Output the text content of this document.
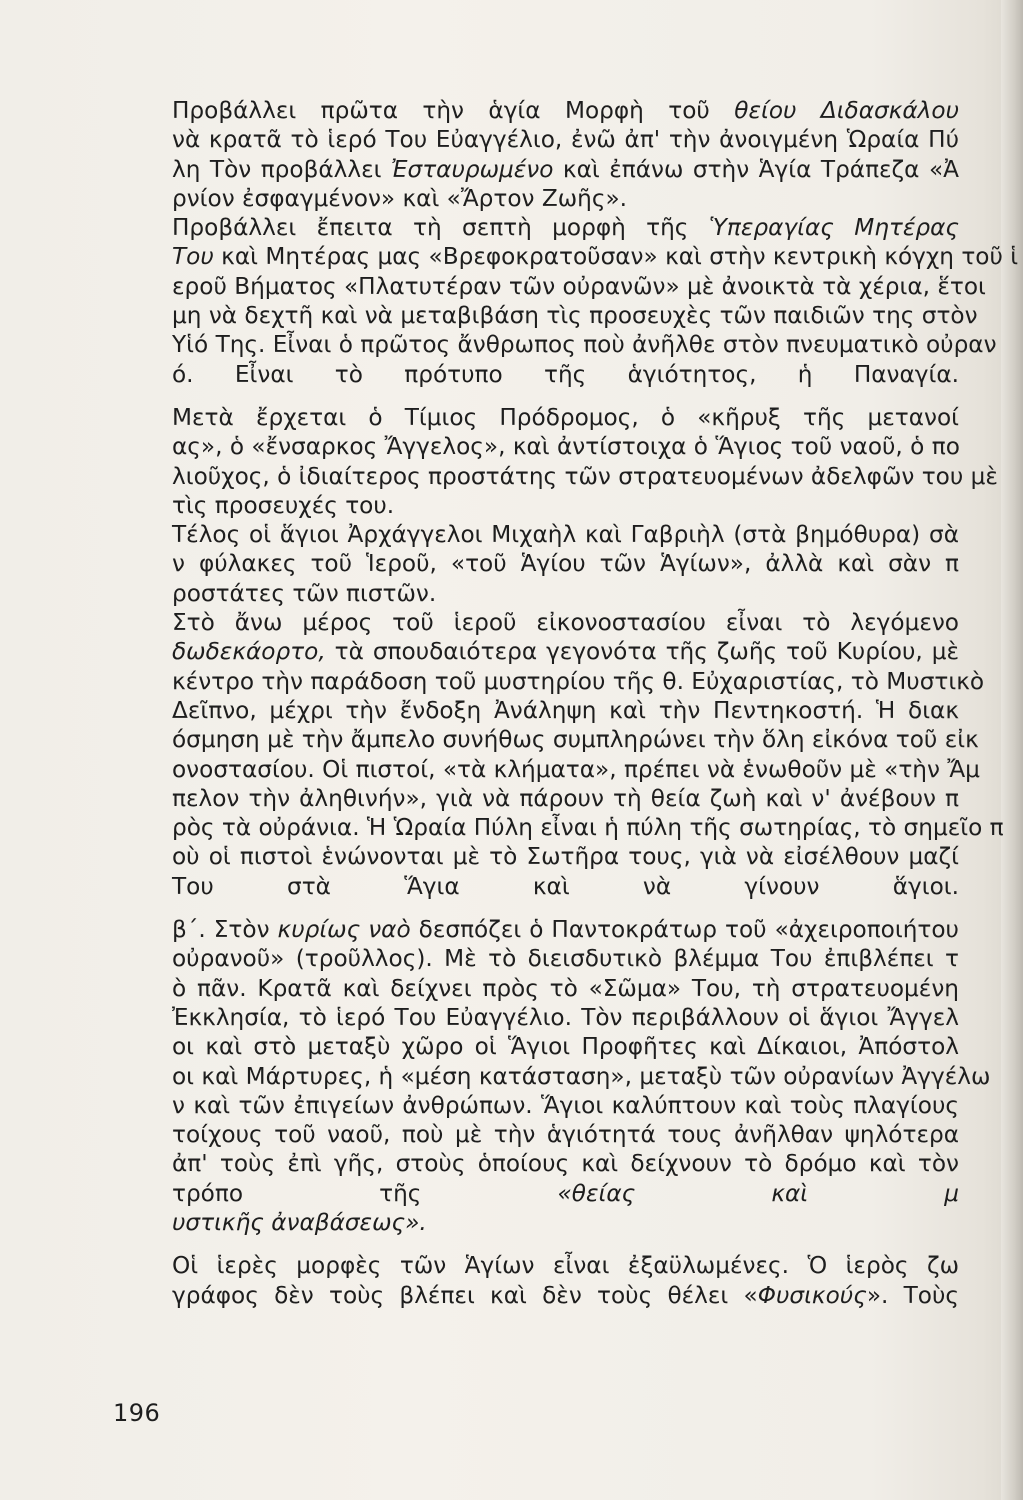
Προβάλλει πρῶτα τὴν ἁγία Μορφὴ τοῦ θείου Διδασκάλου
νὰ κρατᾶ τὸ ἱερό Του Εὐαγγέλιο, ἐνῶ ἀπ' τὴν ἀνοιγμένη Ὡραία Πύ
λη Τὸν προβάλλει Ἐσταυρωμένο καὶ ἐπάνω στὴν Ἁγία Τράπεζα «Ἀ
ρνίον ἐσφαγμένον» καὶ «Ἄρτον Ζωῆς».

Προβάλλει ἔπειτα τὴ σεπτὴ μορφὴ τῆς Ὑπεραγίας Μητέρας
Του καὶ Μητέρας μας «Βρεφοκρατοῦσαν» καὶ στὴν κεντρικὴ κόγχη τοῦ ἱ
εροῦ Βήματος «Πλατυτέραν τῶν οὐρανῶν» μὲ ἀνοικτὰ τὰ χέρια, ἕτοι
μη νὰ δεχτῆ καὶ νὰ μεταβιβάση τὶς προσευχὲς τῶν παιδιῶν της στὸν
Υἱό Της. Εἶναι ὁ πρῶτος ἄνθρωπος ποὺ ἀνῆλθε στὸν πνευματικὸ οὐραν
ό. Εἶναι τὸ πρότυπο τῆς ἁγιότητος, ἡ Παναγία.

Μετὰ ἔρχεται ὁ Τίμιος Πρόδρομος, ὁ «κῆρυξ τῆς μετανοί
ας», ὁ «ἔνσαρκος Ἄγγελος», καὶ ἀντίστοιχα ὁ Ἅγιος τοῦ ναοῦ, ὁ πο
λιοῦχος, ὁ ἰδιαίτερος προστάτης τῶν στρατευομένων ἀδελφῶν του μὲ
τὶς προσευχές του.

Τέλος οἱ ἅγιοι Ἀρχάγγελοι Μιχαὴλ καὶ Γαβριὴλ (στὰ βημόθυρα) σὰ
ν φύλακες τοῦ Ἱεροῦ, «τοῦ Ἁγίου τῶν Ἁγίων», ἀλλὰ καὶ σὰν π
ροστάτες τῶν πιστῶν.

Στὸ ἄνω μέρος τοῦ ἱεροῦ εἰκονοστασίου εἶναι τὸ λεγόμενο
δωδεκάορτο, τὰ σπουδαιότερα γεγονότα τῆς ζωῆς τοῦ Κυρίου, μὲ
κέντρο τὴν παράδοση τοῦ μυστηρίου τῆς θ. Εὐχαριστίας, τὸ Μυστικὸ
Δεῖπνο, μέχρι τὴν ἔνδοξη Ἀνάληψη καὶ τὴν Πεντηκοστή. Ἡ διακ
όσμηση μὲ τὴν ἄμπελο συνήθως συμπληρώνει τὴν ὅλη εἰκόνα τοῦ εἰκ
ονοστασίου. Οἱ πιστοί, «τὰ κλήματα», πρέπει νὰ ἑνωθοῦν μὲ «τὴν Ἄμ
πελον τὴν ἀληθινήν», γιὰ νὰ πάρουν τὴ θεία ζωὴ καὶ ν' ἀνέβουν π
ρὸς τὰ οὐράνια. Ἡ Ὡραία Πύλη εἶναι ἡ πύλη τῆς σωτηρίας, τὸ σημεῖο π
οὺ οἱ πιστοὶ ἑνώνονται μὲ τὸ Σωτῆρα τους, γιὰ νὰ εἰσέλθουν μαζί
Του στὰ Ἅγια καὶ νὰ γίνουν ἅγιοι.

β΄. Στὸν κυρίως ναὸ δεσπόζει ὁ Παντοκράτωρ τοῦ «ἀχειροποιήτου
οὐρανοῦ» (τροῦλλος). Μὲ τὸ διεισδυτικὸ βλέμμα Του ἐπιβλέπει τ
ὸ πᾶν. Κρατᾶ καὶ δείχνει πρὸς τὸ «Σῶμα» Του, τὴ στρατευομένη
Ἐκκλησία, τὸ ἱερό Του Εὐαγγέλιο. Τὸν περιβάλλουν οἱ ἅγιοι Ἄγγελ
οι καὶ στὸ μεταξὺ χῶρο οἱ Ἅγιοι Προφῆτες καὶ Δίκαιοι, Ἀπόστολ
οι καὶ Μάρτυρες, ἡ «μέση κατάσταση», μεταξὺ τῶν οὐρανίων Ἀγγέλω
ν καὶ τῶν ἐπιγείων ἀνθρώπων. Ἅγιοι καλύπτουν καὶ τοὺς πλαγίους
τοίχους τοῦ ναοῦ, ποὺ μὲ τὴν ἁγιότητά τους ἀνῆλθαν ψηλότερα
ἀπ' τοὺς ἐπὶ γῆς, στοὺς ὁποίους καὶ δείχνουν τὸ δρόμο καὶ τὸν
τρόπο τῆς «θείας καὶ μ
υστικῆς ἀναβάσεως».

Οἱ ἱερὲς μορφὲς τῶν Ἁγίων εἶναι ἐξαϋλωμένες. Ὁ ἱερὸς ζω
γράφος δὲν τοὺς βλέπει καὶ δὲν τοὺς θέλει «Φυσικούς». Τοὺς

196
